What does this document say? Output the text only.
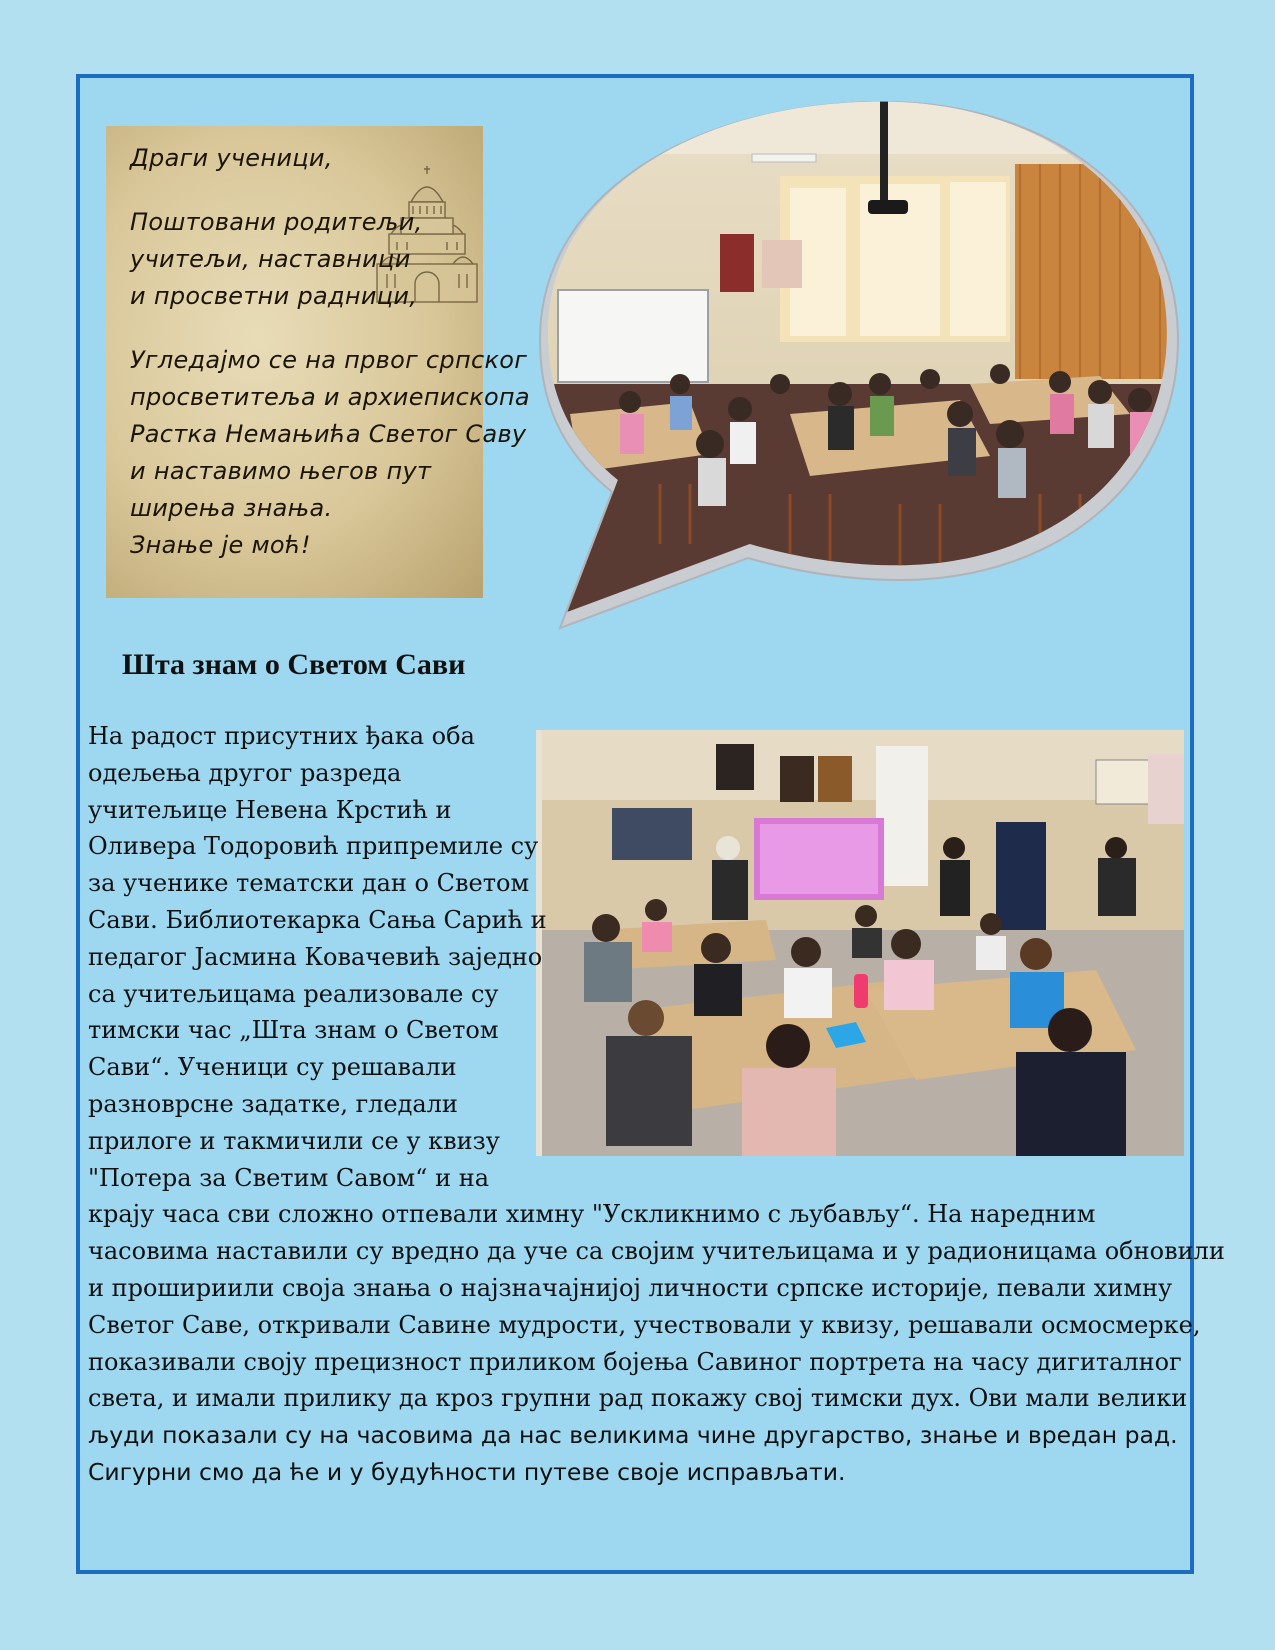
Драги ученици,
Поштовани родитељи,
учитељи, наставници
и просветни радници,
Угледајмо се на првог српског
просветитеља и архиепископа
Растка Немањића Светог Саву
и наставимо његов пут
ширења знања.
Знање је моћ!
Шта знам о Светом Сави
На радост присутних ђака оба
одељења другог разреда
учитељице Невена Крстић и
Оливера Тодоровић припремиле су
за ученике тематски дан о Светом
Сави. Библиотекарка Сања Сарић и
педагог Јасмина Ковачевић заједно
са учитељицама реализовале су
тимски час „Шта знам о Светом
Сави“. Ученици су решавали
разноврсне задатке, гледали
прилоге и такмичили се у квизу
"Потера за Светим Савом“ и на
крају часа сви сложно отпевали химну "Ускликнимо с љубављу“. На наредним
часовима наставили су вредно да уче са својим учитељицама и у радионицама обновили
и прошириили своја знања о најзначајнијој личности српске историје, певали химну
Светог Саве, откривали Савине мудрости, учествовали у квизу, решавали осмосмерке,
показивали своју прецизност приликом бојења Савиног портрета на часу дигиталног
света, и имали прилику да кроз групни рад покажу свој тимски дух. Ови мали велики
људи показали су на часовима да нас великима чине другарство, знање и вредан рад.
Сигурни смо да ће и у будућности путеве своје исправљати.
